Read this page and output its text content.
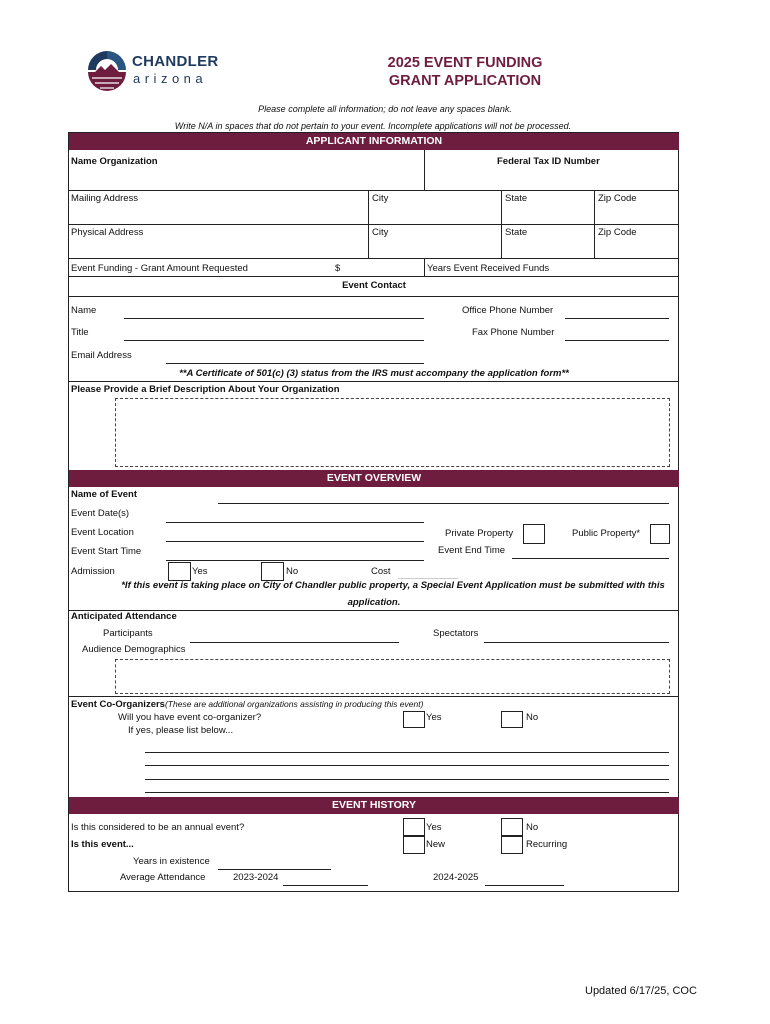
CHANDLER
arizona
2025 EVENT FUNDING
GRANT APPLICATION
Please complete all information; do not leave any spaces blank.
Write N/A in spaces that do not pertain to your event. Incomplete applications will not be processed.
APPLICANT INFORMATION
Name Organization	Federal Tax ID Number
Mailing Address	City	State	Zip Code
Physical Address	City	State	Zip Code
Event Funding - Grant Amount Requested	$	Years Event Received Funds
Event Contact
Name	Office Phone Number
Title	Fax Phone Number
Email Address
**A Certificate of 501(c) (3) status from the IRS must accompany the application form**
Please Provide a Brief Description About Your Organization
EVENT OVERVIEW
Name of Event
Event Date(s)
Event Location	Private Property	Public Property*
Event Start Time	Event End Time
Admission	Yes	No	Cost
*If this event is taking place on City of Chandler public property, a Special Event Application must be submitted with this
application.
Anticipated Attendance
Participants	Spectators
Audience Demographics
Event Co-Organizers(These are additional organizations assisting in producing this event)
Will you have event co-organizer?	Yes	No
If yes, please list below...
EVENT HISTORY
Is this considered to be an annual event?	Yes	No
Is this event...	New	Recurring
Years in existence
Average Attendance	2023-2024	2024-2025
Updated 6/17/25, COC
